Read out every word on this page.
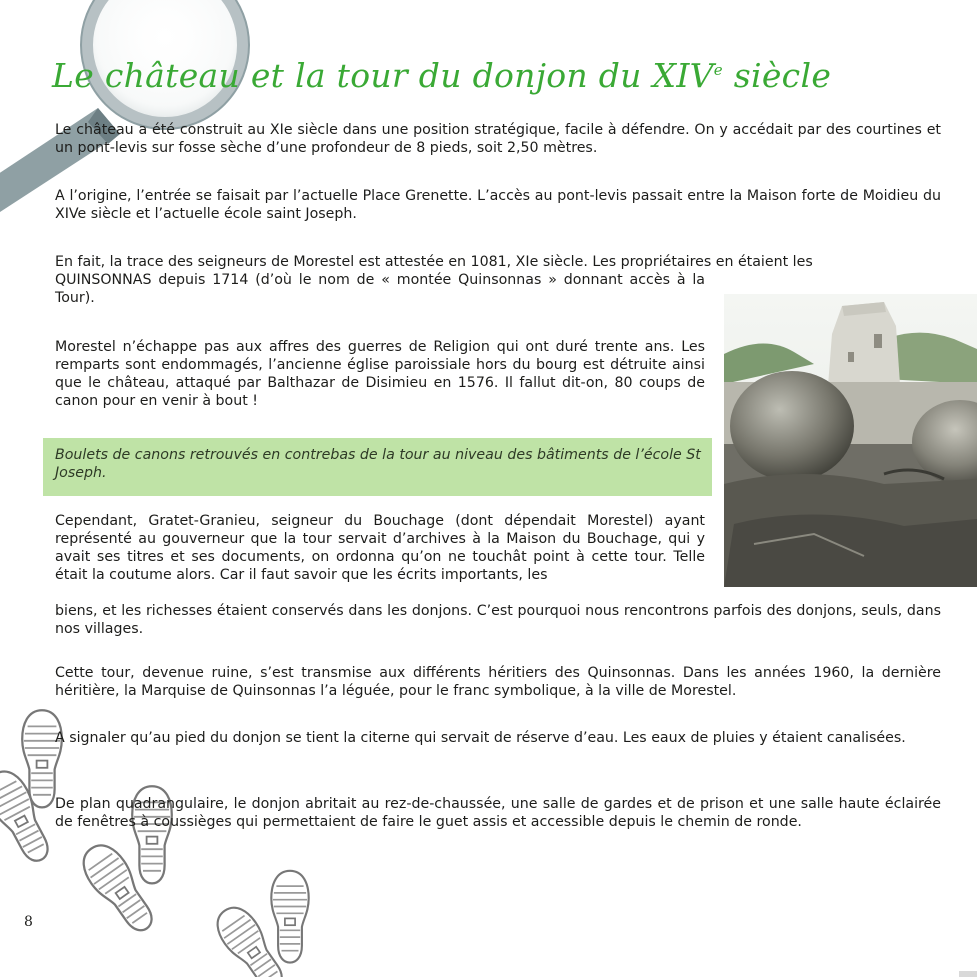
Le château et la tour du donjon du XIVe siècle

Le château a été construit au XIe siècle dans une position stratégique, facile à défendre. On y accédait par des courtines et un pont-levis sur fosse sèche d’une profondeur de 8 pieds, soit 2,50 mètres.

A l’origine, l’entrée se faisait par l’actuelle Place Grenette. L’accès au pont-levis passait entre la Maison forte de Moidieu du XIVe siècle et l’actuelle école saint Joseph.

En fait, la trace des seigneurs de Morestel est attestée en 1081, XIe siècle. Les propriétaires en étaient les
QUINSONNAS depuis 1714 (d’où le nom de « montée Quinsonnas » donnant accès à la Tour).

Morestel n’échappe pas aux affres des guerres de Religion qui ont duré trente ans. Les remparts sont endommagés, l’ancienne église paroissiale hors du bourg est détruite ainsi que le château, attaqué par Balthazar de Disimieu en 1576. Il fallut dit-on, 80 coups de canon pour en venir à bout !

Boulets de canons retrouvés en contrebas de la tour au niveau des bâtiments de l’école St Joseph.

Cependant, Gratet-Granieu, seigneur du Bouchage (dont dépendait Morestel) ayant représenté au gouverneur que la tour servait d’archives à la Maison du Bouchage, qui y avait ses titres et ses documents, on ordonna qu’on ne touchât point à cette tour. Telle était la coutume alors. Car il faut savoir que les écrits importants, les

biens, et les richesses étaient conservés dans les donjons. C’est pourquoi nous rencontrons parfois des donjons, seuls, dans nos villages.

Cette tour, devenue ruine, s’est transmise aux différents héritiers des Quinsonnas. Dans les années 1960, la dernière héritière, la Marquise de Quinsonnas l’a léguée, pour le franc symbolique, à la ville de Morestel.

A signaler qu’au pied du donjon se tient la citerne qui servait de réserve d’eau. Les eaux de pluies y étaient canalisées.

De plan quadrangulaire, le donjon abritait au rez-de-chaussée, une salle de gardes et de prison et une salle haute éclairée de fenêtres à coussièges qui permettaient de faire le guet assis et accessible depuis le chemin de ronde.

8
